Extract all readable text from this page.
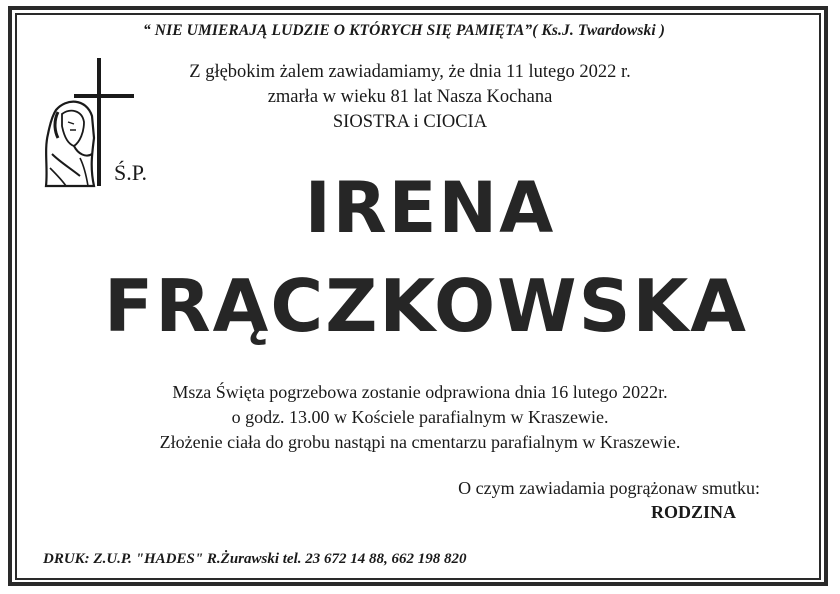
“ NIE UMIERAJĄ LUDZIE O KTÓRYCH SIĘ PAMIĘTA”( Ks.J. Twardowski )
Ś.P.
Z głębokim żalem zawiadamiamy, że dnia 11 lutego 2022 r.
zmarła w wieku 81 lat Nasza Kochana
SIOSTRA i CIOCIA
IRENA
FRĄCZKOWSKA
Msza Święta pogrzebowa zostanie odprawiona dnia 16 lutego 2022r.
o godz. 13.00 w Kościele parafialnym w Kraszewie.
Złożenie ciała do grobu nastąpi na cmentarzu parafialnym w Kraszewie.
O czym zawiadamia pogrążonaw smutku:
RODZINA
DRUK: Z.U.P. "HADES" R.Żurawski tel. 23 672 14 88, 662 198 820
